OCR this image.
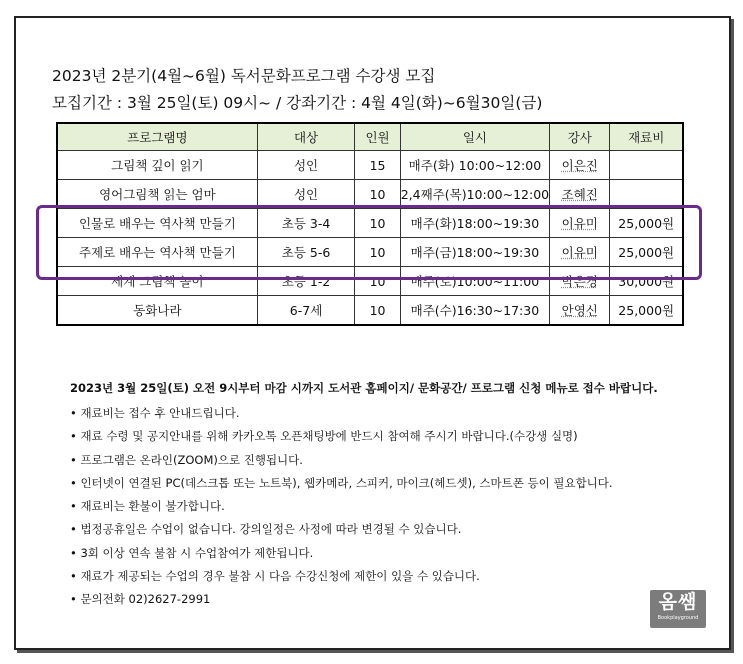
2023년 2분기(4월~6월) 독서문화프로그램 수강생 모집
모집기간 : 3월 25일(토) 09시~ / 강좌기간 : 4월 4일(화)~6월30일(금)
프로그램명	대상	인원	일시	강사	재료비
그림책 깊이 읽기	성인	15	매주(화) 10:00~12:00	이은진	
영어그림책 읽는 엄마	성인	10	2,4째주(목)10:00~12:00	조혜진	
인물로 배우는 역사책 만들기	초등 3-4	10	매주(화)18:00~19:30	이유미	25,000원
주제로 배우는 역사책 만들기	초등 5-6	10	매주(금)18:00~19:30	이유미	25,000원
세계 그림책 놀이	초등 1-2	10	매주(토)10:00~11:00	박은경	30,000원
동화나라	6-7세	10	매주(수)16:30~17:30	안영신	25,000원
2023년 3월 25일(토) 오전 9시부터 마감 시까지 도서관 홈페이지/ 문화공간/ 프로그램 신청 메뉴로 접수 바랍니다.
• 재료비는 접수 후 안내드립니다.
• 재료 수령 및 공지안내를 위해 카카오톡 오픈채팅방에 반드시 참여해 주시기 바랍니다.(수강생 실명)
• 프로그램은 온라인(ZOOM)으로 진행됩니다.
• 인터넷이 연결된 PC(데스크톱 또는 노트북), 웹카메라, 스피커, 마이크(헤드셋), 스마트폰 등이 필요합니다.
• 재료비는 환불이 불가합니다.
• 법정공휴일은 수업이 없습니다. 강의일정은 사정에 따라 변경될 수 있습니다.
• 3회 이상 연속 불참 시 수업참여가 제한됩니다.
• 재료가 제공되는 수업의 경우 불참 시 다음 수강신청에 제한이 있을 수 있습니다.
• 문의전화 02)2627-2991	옴쌤
Bookplayground
